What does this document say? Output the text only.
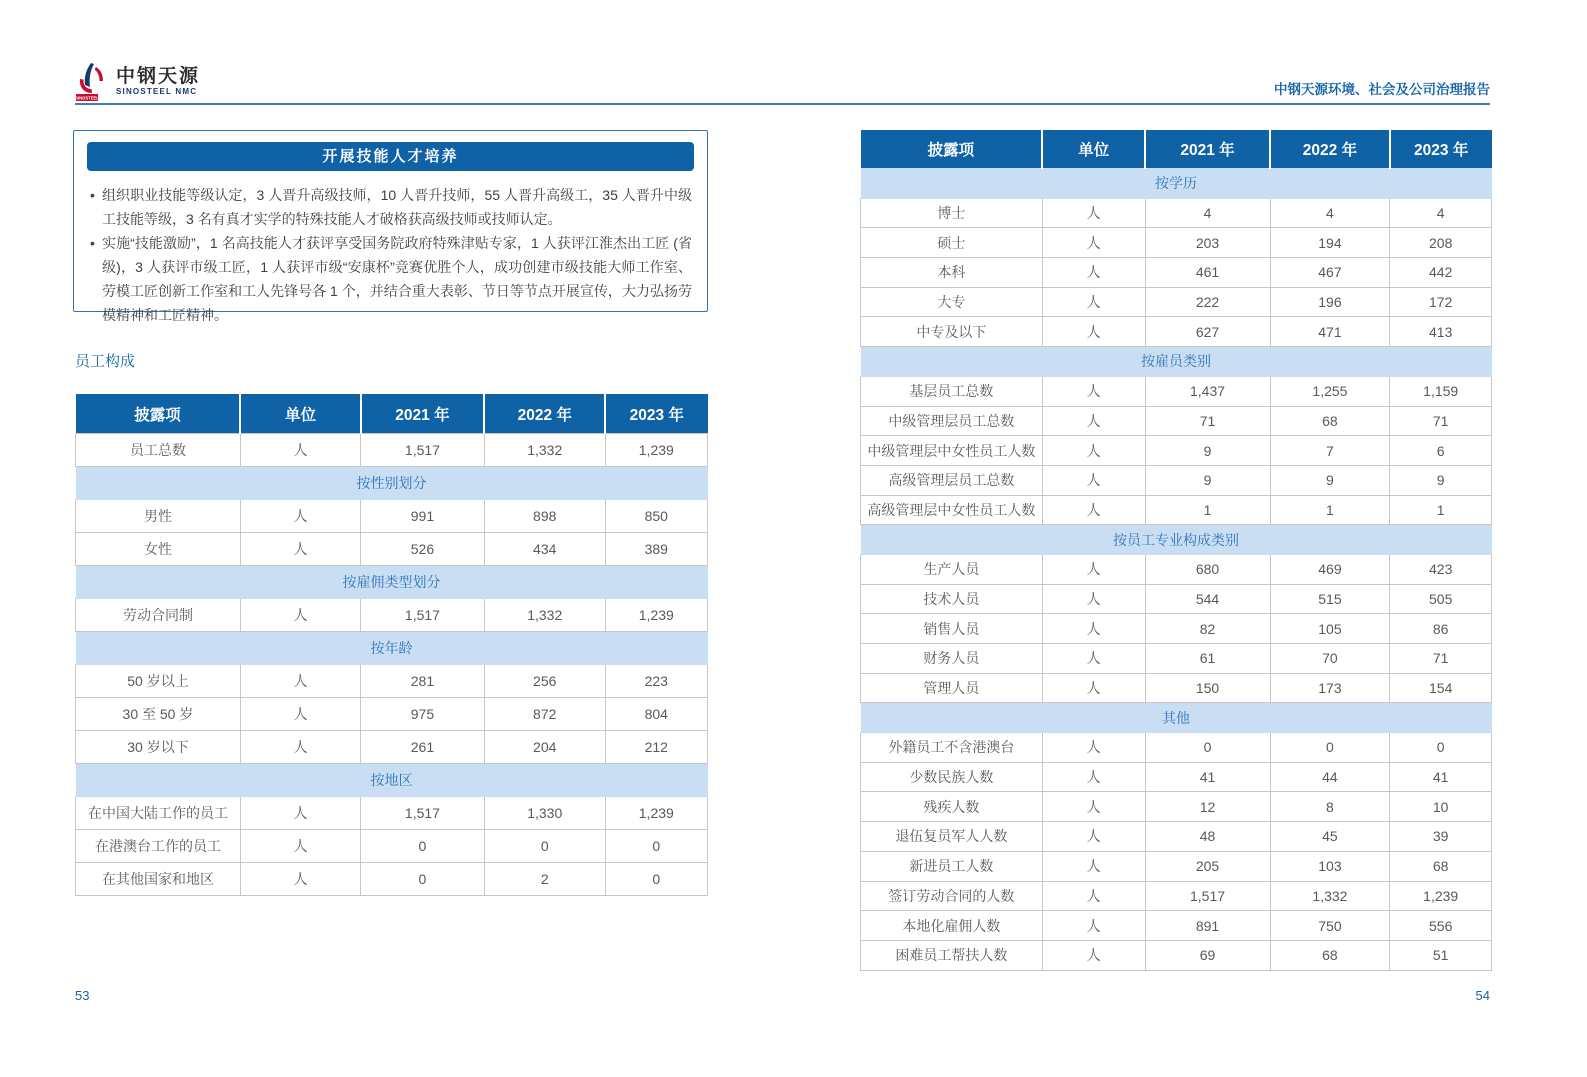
SINOSTEEL
中钢天源
SINOSTEEL NMC	中钢天源环境、社会及公司治理报告
开展技能人才培养
• 组织职业技能等级认定，3 人晋升高级技师，10 人晋升技师，55 人晋升高级工，35 人晋升中级工技能等级，3 名有真才实学的特殊技能人才破格获高级技师或技师认定。
• 实施“技能激励”，1 名高技能人才获评享受国务院政府特殊津贴专家，1 人获评江淮杰出工匠 (省级)，3 人获评市级工匠，1 人获评市级“安康杯”竞赛优胜个人，成功创建市级技能大师工作室、劳模工匠创新工作室和工人先锋号各 1 个，并结合重大表彰、节日等节点开展宣传，大力弘扬劳模精神和工匠精神。
员工构成
披露项	单位	2021 年	2022 年	2023 年
员工总数	人	1,517	1,332	1,239
按性别划分				
男性	人	991	898	850
女性	人	526	434	389
按雇佣类型划分				
劳动合同制	人	1,517	1,332	1,239
按年龄				
50 岁以上	人	281	256	223
30 至 50 岁	人	975	872	804
30 岁以下	人	261	204	212
按地区				
在中国大陆工作的员工	人	1,517	1,330	1,239
在港澳台工作的员工	人	0	0	0
在其他国家和地区	人	0	2	0
披露项	单位	2021 年	2022 年	2023 年
按学历				
博士	人	4	4	4
硕士	人	203	194	208
本科	人	461	467	442
大专	人	222	196	172
中专及以下	人	627	471	413
按雇员类别				
基层员工总数	人	1,437	1,255	1,159
中级管理层员工总数	人	71	68	71
中级管理层中女性员工人数	人	9	7	6
高级管理层员工总数	人	9	9	9
高级管理层中女性员工人数	人	1	1	1
按员工专业构成类别				
生产人员	人	680	469	423
技术人员	人	544	515	505
销售人员	人	82	105	86
财务人员	人	61	70	71
管理人员	人	150	173	154
其他				
外籍员工不含港澳台	人	0	0	0
少数民族人数	人	41	44	41
残疾人数	人	12	8	10
退伍复员军人人数	人	48	45	39
新进员工人数	人	205	103	68
签订劳动合同的人数	人	1,517	1,332	1,239
本地化雇佣人数	人	891	750	556
困难员工帮扶人数	人	69	68	51
53	54
